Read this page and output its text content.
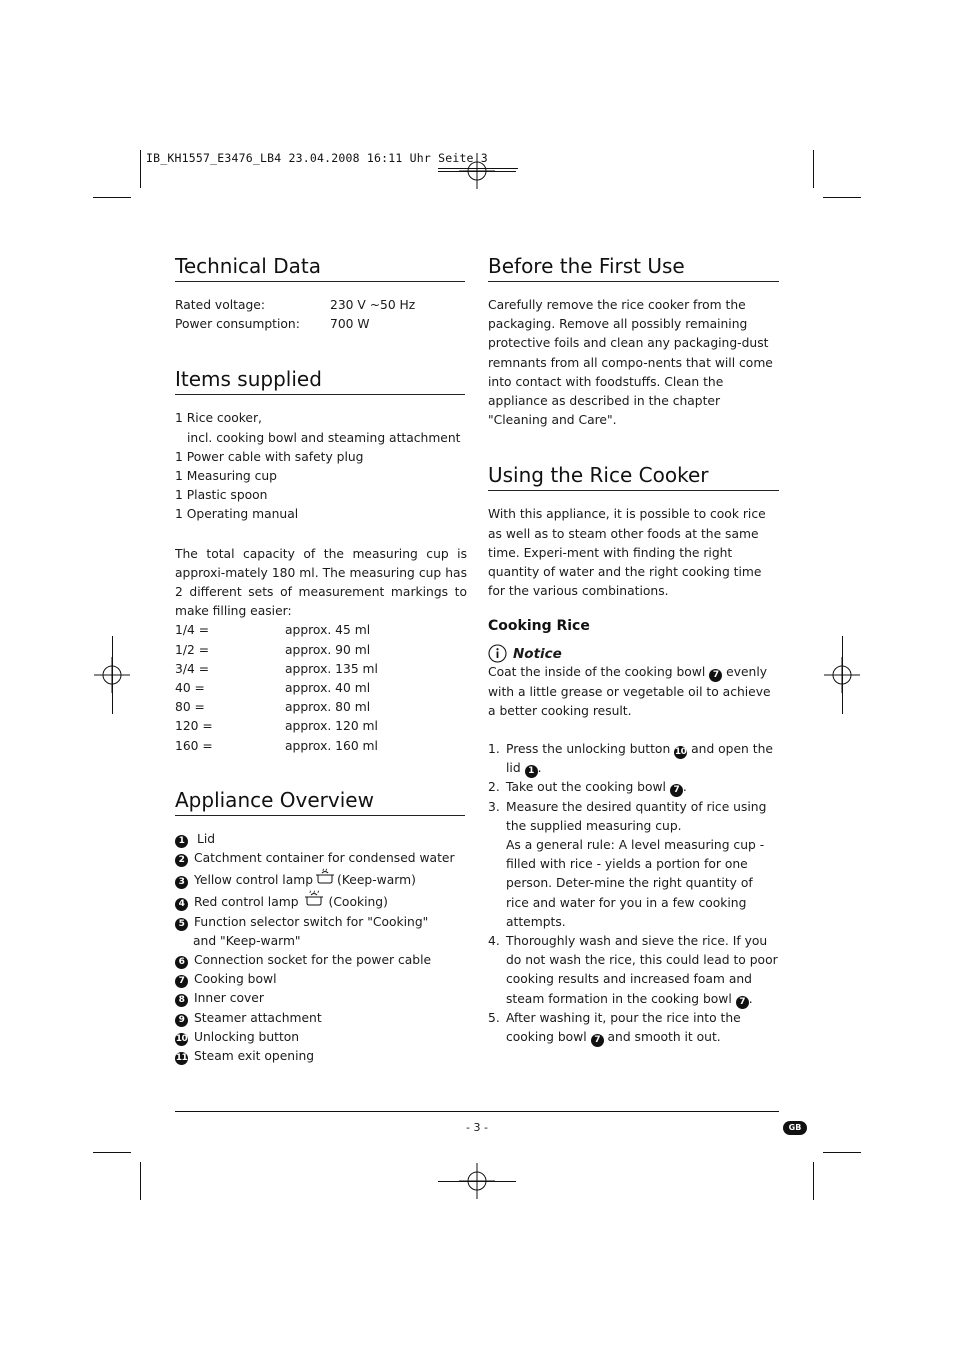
IB_KH1557_E3476_LB4 23.04.2008 16:11 Uhr Seite 3
Technical Data
Rated voltage:	230 V ~50 Hz
Power consumption:	700 W
Items supplied
1 Rice cooker,
incl. cooking bowl and steaming attachment
1 Power cable with safety plug
1 Measuring cup
1 Plastic spoon
1 Operating manual
The total capacity of the measuring cup is approxi-mately 180 ml. The measuring cup has 2 different sets of measurement markings to make filling easier:
1/4 =	approx. 45 ml
1/2 =	approx. 90 ml
3/4 =	approx. 135 ml
40 =	approx. 40 ml
80 =	approx. 80 ml
120 =	approx. 120 ml
160 =	approx. 160 ml
Appliance Overview
1 Lid
2 Catchment container for condensed water
3 Yellow control lamp (Keep-warm)
4 Red control lamp (Cooking)
5 Function selector switch for "Cooking"
and "Keep-warm"
6 Connection socket for the power cable
7 Cooking bowl
8 Inner cover
9 Steamer attachment
10 Unlocking button
11 Steam exit opening
Before the First Use
Carefully remove the rice cooker from the packaging. Remove all possibly remaining protective foils and clean any packaging-dust remnants from all compo-nents that will come into contact with foodstuffs. Clean the appliance as described in the chapter "Cleaning and Care".
Using the Rice Cooker
With this appliance, it is possible to cook rice as well as to steam other foods at the same time. Experi-ment with finding the right quantity of water and the right cooking time for the various combinations.
Cooking Rice
Notice
Coat the inside of the cooking bowl 7 evenly with a little grease or vegetable oil to achieve a better cooking result.
1. Press the unlocking button 10 and open the lid 1 .
2. Take out the cooking bowl 7 .
3. Measure the desired quantity of rice using the supplied measuring cup.
As a general rule: A level measuring cup - filled with rice - yields a portion for one person. Deter-mine the right quantity of rice and water for you in a few cooking attempts.
4. Thoroughly wash and sieve the rice. If you do not wash the rice, this could lead to poor cooking results and increased foam and steam formation in the cooking bowl 7 .
5. After washing it, pour the rice into the cooking bowl 7 and smooth it out.
- 3 -	GB
